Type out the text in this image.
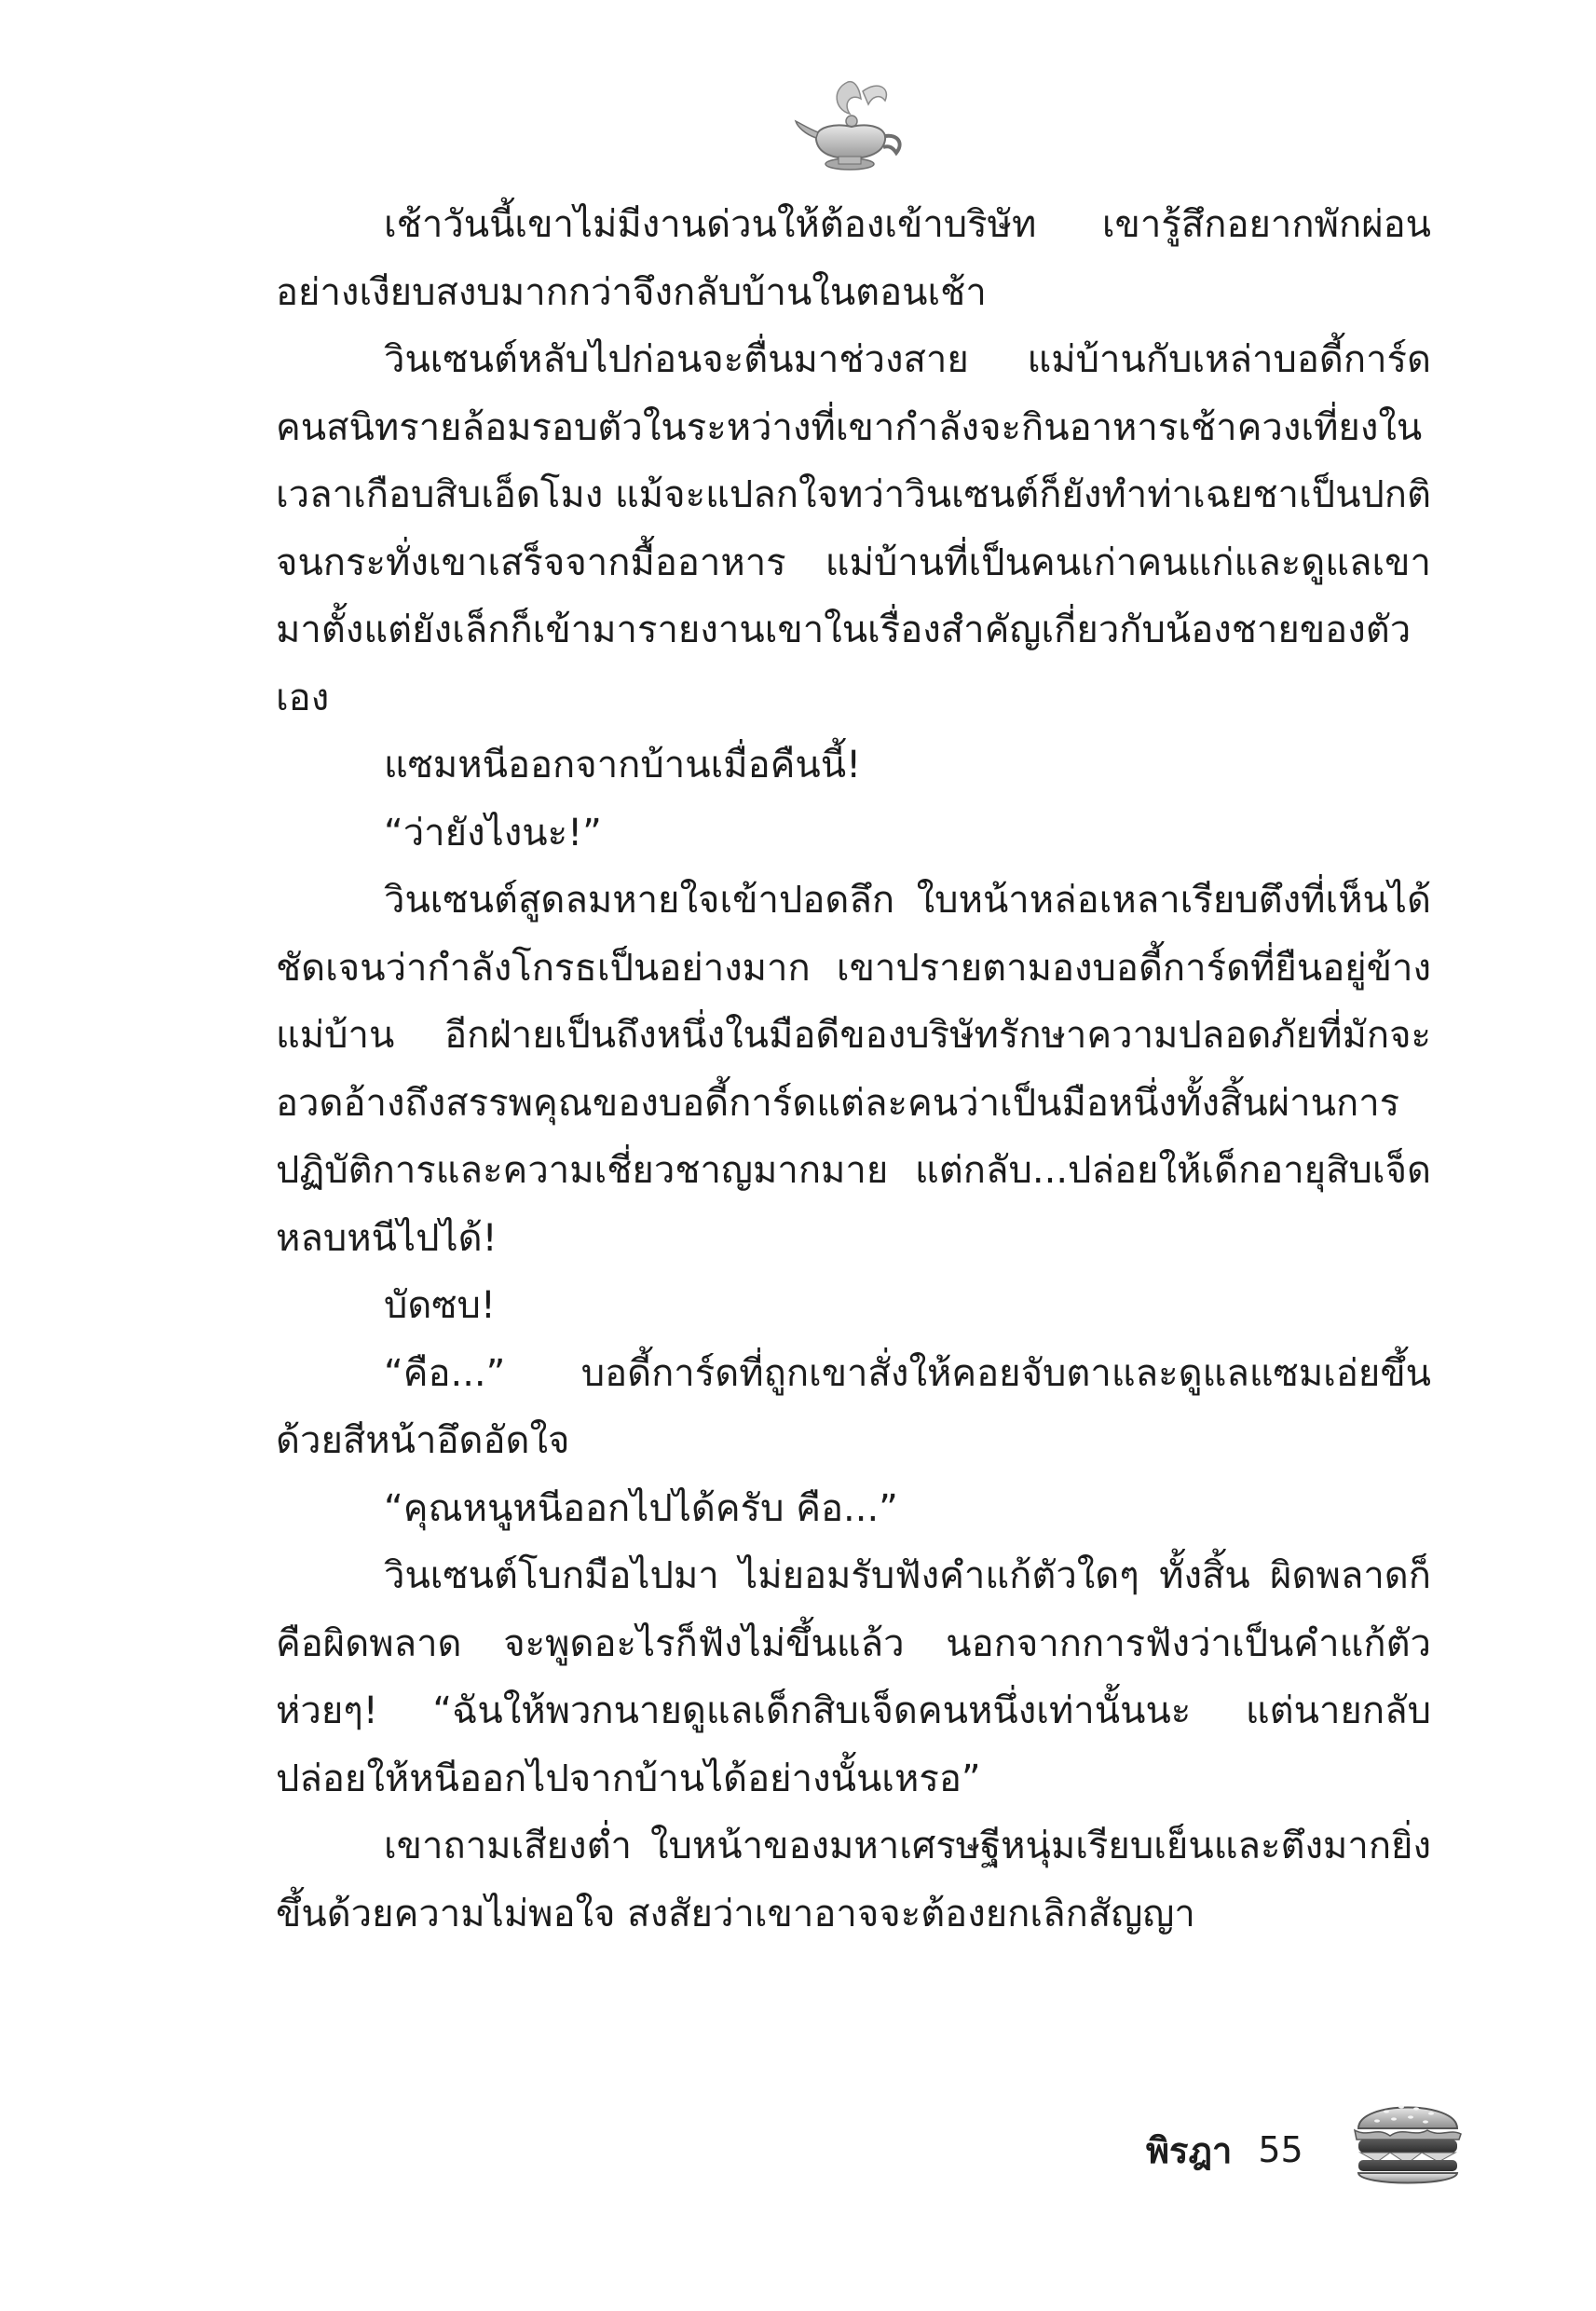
เช้าวันนี้เขาไม่มีงานด่วนให้ต้องเข้าบริษัท เขารู้สึกอยากพักผ่อนอย่างเงียบสงบมากกว่าจึงกลับบ้านในตอนเช้า

วินเซนต์หลับไปก่อนจะตื่นมาช่วงสาย แม่บ้านกับเหล่าบอดี้การ์ดคนสนิทรายล้อมรอบตัวในระหว่างที่เขากำลังจะกินอาหารเช้าควงเที่ยงในเวลาเกือบสิบเอ็ดโมง แม้จะแปลกใจทว่าวินเซนต์ก็ยังทำท่าเฉยชาเป็นปกติ จนกระทั่งเขาเสร็จจากมื้ออาหาร แม่บ้านที่เป็นคนเก่าคนแก่และดูแลเขามาตั้งแต่ยังเล็กก็เข้ามารายงานเขาในเรื่องสำคัญเกี่ยวกับน้องชายของตัวเอง

แซมหนีออกจากบ้านเมื่อคืนนี้!

“ว่ายังไงนะ!”

วินเซนต์สูดลมหายใจเข้าปอดลึก ใบหน้าหล่อเหลาเรียบตึงที่เห็นได้ชัดเจนว่ากำลังโกรธเป็นอย่างมาก เขาปรายตามองบอดี้การ์ดที่ยืนอยู่ข้างแม่บ้าน อีกฝ่ายเป็นถึงหนึ่งในมือดีของบริษัทรักษาความปลอดภัยที่มักจะอวดอ้างถึงสรรพคุณของบอดี้การ์ดแต่ละคนว่าเป็นมือหนึ่งทั้งสิ้นผ่านการปฏิบัติการและความเชี่ยวชาญมากมาย แต่กลับ...ปล่อยให้เด็กอายุสิบเจ็ดหลบหนีไปได้!

บัดซบ!

“คือ...” บอดี้การ์ดที่ถูกเขาสั่งให้คอยจับตาและดูแลแซมเอ่ยขึ้นด้วยสีหน้าอึดอัดใจ

“คุณหนูหนีออกไปได้ครับ คือ...”

วินเซนต์โบกมือไปมา ไม่ยอมรับฟังคำแก้ตัวใดๆ ทั้งสิ้น ผิดพลาดก็คือผิดพลาด จะพูดอะไรก็ฟังไม่ขึ้นแล้ว นอกจากการฟังว่าเป็นคำแก้ตัวห่วยๆ! “ฉันให้พวกนายดูแลเด็กสิบเจ็ดคนหนึ่งเท่านั้นนะ แต่นายกลับปล่อยให้หนีออกไปจากบ้านได้อย่างนั้นเหรอ”

เขาถามเสียงต่ำ ใบหน้าของมหาเศรษฐีหนุ่มเรียบเย็นและตึงมากยิ่งขึ้นด้วยความไม่พอใจ สงสัยว่าเขาอาจจะต้องยกเลิกสัญญา

พิรฎา 55
